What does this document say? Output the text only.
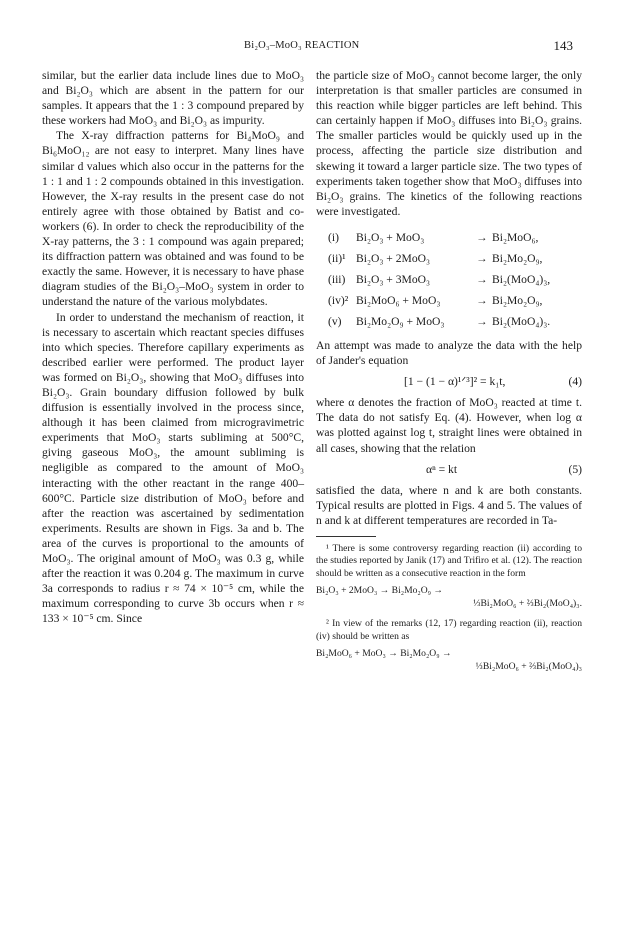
Bi₂O₃–MoO₃ REACTION	143

similar, but the earlier data include lines due to MoO₃ and Bi₂O₃ which are absent in the pattern for our samples. It appears that the 1 : 3 compound prepared by these workers had MoO₃ and Bi₂O₃ as impurity.

The X-ray diffraction patterns for Bi₄MoO₉ and Bi₆MoO₁₂ are not easy to interpret. Many lines have similar d values which also occur in the patterns for the 1 : 1 and 1 : 2 compounds obtained in this investigation. However, the X-ray results in the present case do not entirely agree with those obtained by Batist and co-workers (6). In order to check the reproducibility of the X-ray patterns, the 3 : 1 compound was again prepared; its diffraction pattern was obtained and was found to be exactly the same. However, it is necessary to have phase diagram studies of the Bi₂O₃–MoO₃ system in order to understand the nature of the various molybdates.

In order to understand the mechanism of reaction, it is necessary to ascertain which reactant species diffuses into which species. Therefore capillary experiments as described earlier were performed. The product layer was formed on Bi₂O₃, showing that MoO₃ diffuses into Bi₂O₃. Grain boundary diffusion followed by bulk diffusion is essentially involved in the process since, although it has been claimed from microgravimetric experiments that MoO₃ starts subliming at 500°C, giving gaseous MoO₃, the amount subliming is negligible as compared to the amount of MoO₃ interacting with the other reactant in the range 400–600°C. Particle size distribution of MoO₃ before and after the reaction was ascertained by sedimentation experiments. Results are shown in Figs. 3a and b. The area of the curves is proportional to the amounts of MoO₃. The original amount of MoO₃ was 0.3 g, while after the reaction it was 0.204 g. The maximum in curve 3a corresponds to radius r ≈ 74 × 10⁻⁵ cm, while the maximum corresponding to curve 3b occurs when r ≈ 133 × 10⁻⁵ cm. Since

the particle size of MoO₃ cannot become larger, the only interpretation is that smaller particles are consumed in this reaction while bigger particles are left behind. This can certainly happen if MoO₃ diffuses into Bi₂O₃ grains. The smaller particles would be quickly used up in the process, affecting the particle size distribution and skewing it toward a larger particle size. The two types of experiments taken together show that MoO₃ diffuses into Bi₂O₃ grains. The kinetics of the following reactions were investigated.

(i)	Bi₂O₃ + MoO₃	→ Bi₂MoO₆,
(ii)¹ Bi₂O₃ + 2MoO₃	→ Bi₂Mo₂O₉,
(iii) Bi₂O₃ + 3MoO₃	→ Bi₂(MoO₄)₃,
(iv)² Bi₂MoO₆ + MoO₃	→ Bi₂Mo₂O₉,
(v)	Bi₂Mo₂O₉ + MoO₃	→ Bi₂(MoO₄)₃.

An attempt was made to analyze the data with the help of Jander's equation

[1 − (1 − α)¹ᐟ³]² = k₁t,	(4)

where α denotes the fraction of MoO₃ reacted at time t. The data do not satisfy Eq. (4). However, when log α was plotted against log t, straight lines were obtained in all cases, showing that the relation

αⁿ = kt	(5)

satisfied the data, where n and k are both constants. Typical results are plotted in Figs. 4 and 5. The values of n and k at different temperatures are recorded in Ta-

¹ There is some controversy regarding reaction (ii) according to the studies reported by Janik (17) and Trifiro et al. (12). The reaction should be written as a consecutive reaction in the form

Bi₂O₃ + 2MoO₃ → Bi₂Mo₂O₉ →

⅓Bi₂MoO₆ + ⅔Bi₂(MoO₄)₃.

² In view of the remarks (12, 17) regarding reaction (ii), reaction (iv) should be written as

Bi₂MoO₆ + MoO₃ → Bi₂Mo₂O₉ →

⅓Bi₂MoO₆ + ⅔Bi₂(MoO₄)₃
